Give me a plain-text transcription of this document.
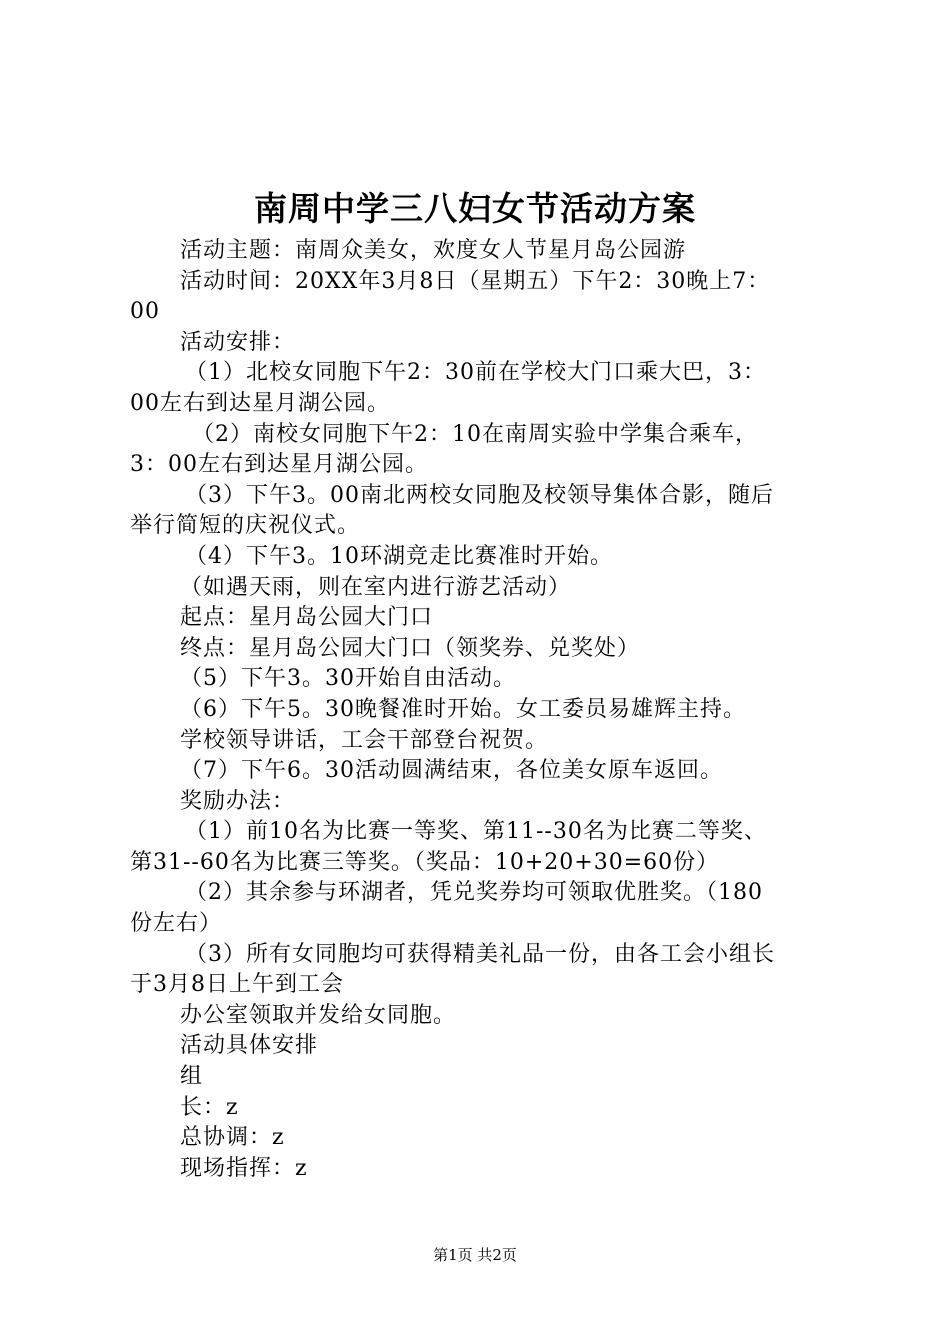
南周中学三八妇女节活动方案
活动主题：南周众美女，欢度女人节星月岛公园游
活动时间：20XX年3月8日（星期五）下午2：30晚上7：
00
活动安排：
（1）北校女同胞下午2：30前在学校大门口乘大巴，3：
00左右到达星月湖公园。
（2）南校女同胞下午2：10在南周实验中学集合乘车，
3：00左右到达星月湖公园。
（3）下午3。00南北两校女同胞及校领导集体合影，随后
举行简短的庆祝仪式。
（4）下午3。10环湖竞走比赛准时开始。
（如遇天雨，则在室内进行游艺活动）
起点：星月岛公园大门口
终点：星月岛公园大门口（领奖券、兑奖处）
（5）下午3。30开始自由活动。
（6）下午5。30晚餐准时开始。女工委员易雄辉主持。
学校领导讲话，工会干部登台祝贺。
（7）下午6。30活动圆满结束，各位美女原车返回。
奖励办法：
（1）前10名为比赛一等奖、第11--30名为比赛二等奖、
第31--60名为比赛三等奖。（奖品：10+20+30=60份）
（2）其余参与环湖者，凭兑奖券均可领取优胜奖。（180
份左右）
（3）所有女同胞均可获得精美礼品一份，由各工会小组长
于3月8日上午到工会
办公室领取并发给女同胞。
活动具体安排
组
长：z
总协调：z
现场指挥：z
第1页 共2页
